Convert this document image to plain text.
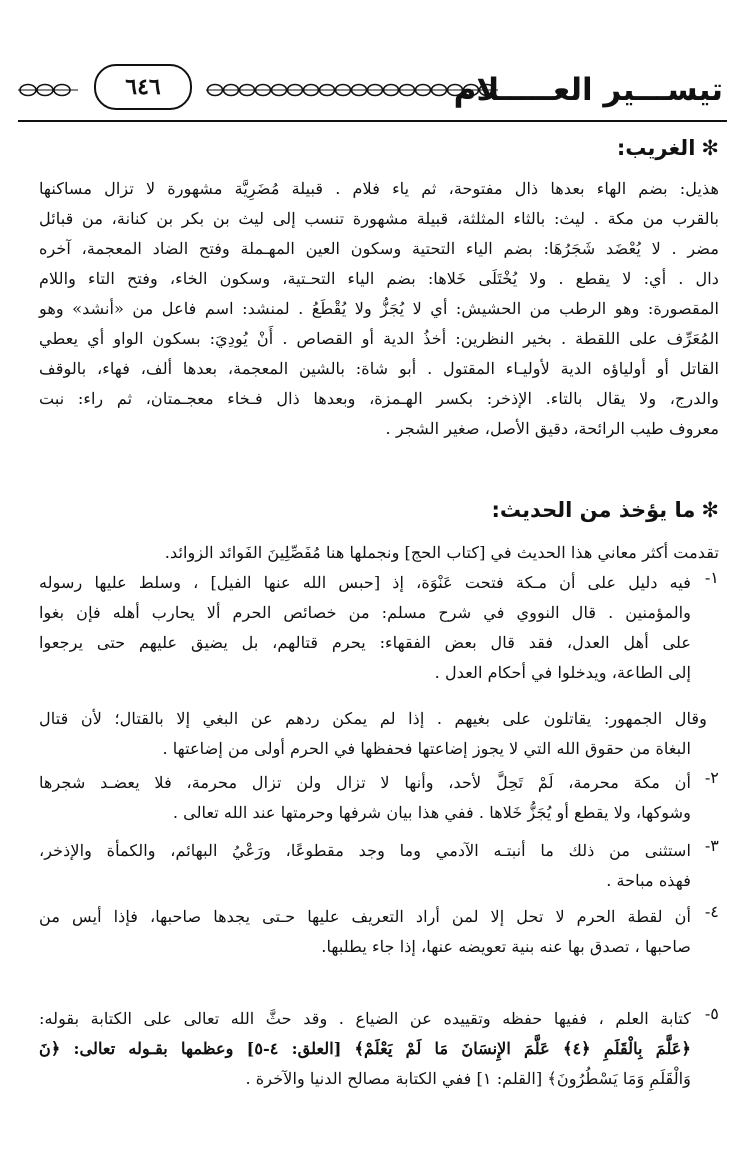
تيســـير العـــــلام
٦٤٦
✻الغريب:
هذيل: بضم الهاء بعدها ذال مفتوحة، ثم ياء فلام . قبيلة مُضَرِيَّة مشهورة لا تزال مساكنها
بالقرب من مكة . ليث: بالثاء المثلثة، قبيلة مشهورة تنسب إلى ليث بن بكر بن كنانة، من قبائل
مضر . لا يُعْضَد شَجَرُهَا: بضم الياء التحتية وسكون العين المهـملة وفتح الضاد المعجمة، آخره
دال . أي: لا يقطع . ولا يُخْتَلَى خَلاها: بضم الياء التحـتية، وسكون الخاء، وفتح التاء واللام
المقصورة: وهو الرطب من الحشيش: أي لا يُجَزُّ ولا يُقْطَعُ . لمنشد: اسم فاعل من «أنشد» وهو
المُعَرِّف على اللقطة . بخير النظرين: أخذُ الدية أو القصاص . أَنْ يُودِيَ: بسكون الواو أي يعطي
القاتل أو أولياؤه الدية لأوليـاء المقتول . أبو شاة: بالشين المعجمة، بعدها ألف، فهاء، بالوقف
والدرج، ولا يقال بالتاء. الإذخر: بكسر الهـمزة، وبعدها ذال فـخاء معجـمتان، ثم راء: نبت
معروف طيب الرائحة، دقيق الأصل، صغير الشجر .
✻ما يؤخذ من الحديث:
تقدمت أكثر معاني هذا الحديث في [كتاب الحج] ونجملها هنا مُفَصِّلِينَ الفَوائد الزوائد.
١-
فيه دليل على أن مـكة فتحت عَنْوَة، إذ [حبس الله عنها الفيل] ، وسلط عليها رسوله
والمؤمنين . قال النووي في شرح مسلم: من خصائص الحرم ألا يحارب أهله فإن بغوا
على أهل العدل، فقد قال بعض الفقهاء: يحرم قتالهم، بل يضيق عليهم حتى يرجعوا
إلى الطاعة، ويدخلوا في أحكام العدل .
وقال الجمهور: يقاتلون على بغيهم . إذا لم يمكن ردهم عن البغي إلا بالقتال؛ لأن قتال
البغاة من حقوق الله التي لا يجوز إضاعتها فحفظها في الحرم أولى من إضاعتها .
٢-
أن مكة محرمة، لَمْ تَحِلَّ لأحد، وأنها لا تزال ولن تزال محرمة، فلا يعضـد شجرها
وشوكها، ولا يقطع أو يُجَزُّ خَلاها . ففي هذا بيان شرفها وحرمتها عند الله تعالى .
٣-
استثنى من ذلك ما أنبتـه الآدمي وما وجد مقطوعًا، ورَعْيُ البهائم، والكمأة والإذخر،
فهذه مباحة .
٤-
أن لقطة الحرم لا تحل إلا لمن أراد التعريف عليها حـتى يجدها صاحبها، فإذا أيس من
صاحبها ، تصدق بها عنه بنية تعويضه عنها، إذا جاء يطلبها.
٥-
كتابة العلم ، ففيها حفظه وتقييده عن الضياع . وقد حثَّ الله تعالى على الكتابة بقوله:
﴿عَلَّمَ بِالْقَلَمِ ﴿٤﴾ عَلَّمَ الإِنسَانَ مَا لَمْ يَعْلَمْ﴾ [العلق: ٤-٥] وعظمها بقـوله تعالى: ﴿نَ
وَالْقَلَمِ وَمَا يَسْطُرُونَ﴾ [القلم: ١] ففي الكتابة مصالح الدنيا والآخرة .
